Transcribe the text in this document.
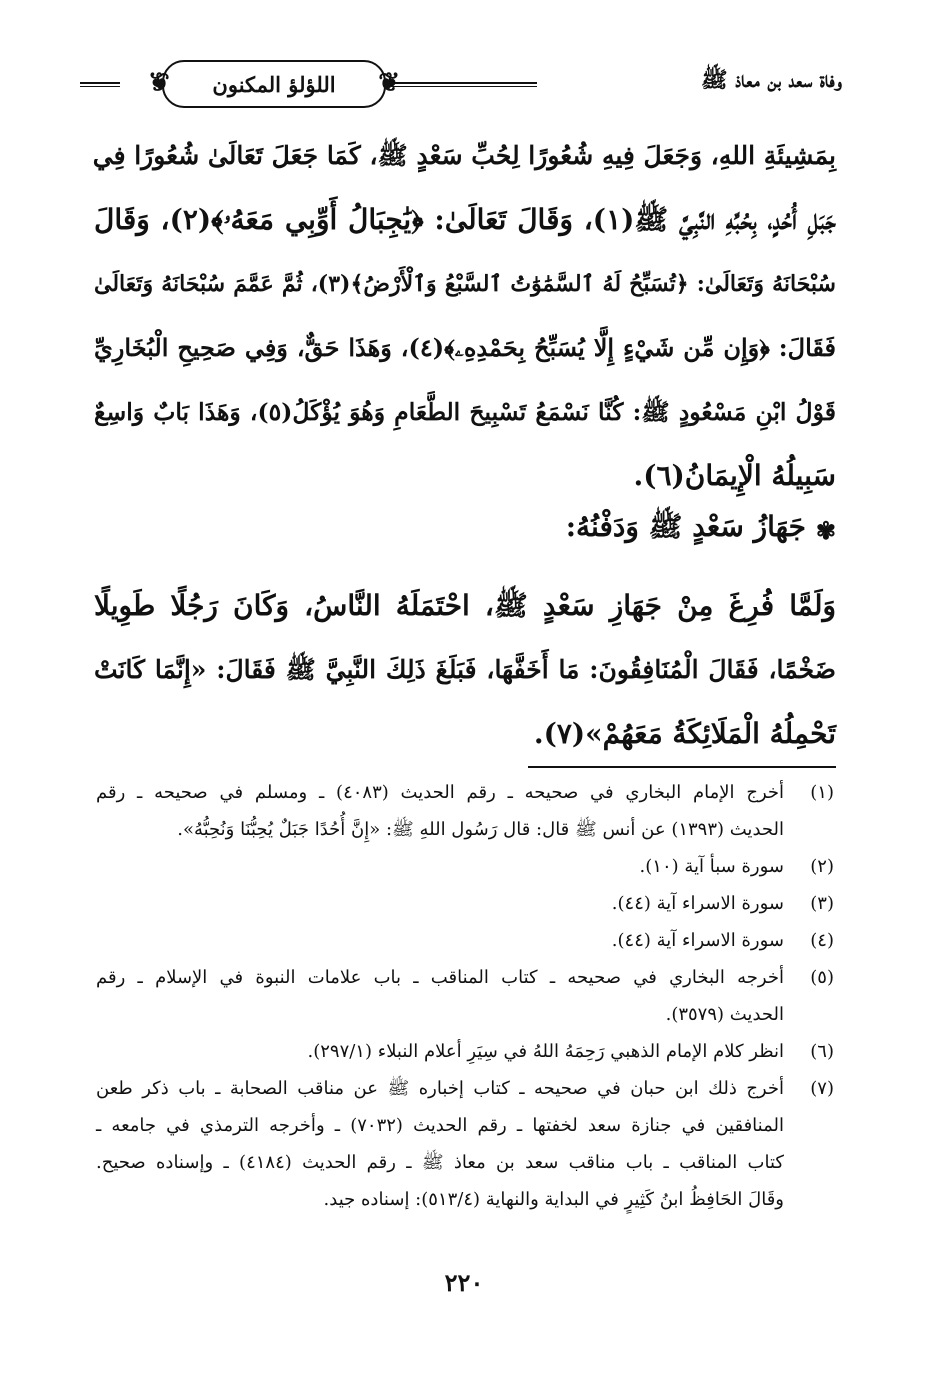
وفاة سعد بن معاذ ﷺ
❦ اللؤلؤ المكنون
❦
بِمَشِيئَةِ اللهِ، وَجَعَلَ فِيهِ شُعُورًا لِحُبِّ سَعْدٍ ﷺ، كَمَا جَعَلَ تَعَالَىٰ شُعُورًا فِي
جَبَلِ أُحُدٍ، بِحُبِّهِ النَّبِيَّ ﷺ(١)، وَقَالَ تَعَالَىٰ: ﴿يَٰجِبَالُ أَوِّبِي مَعَهُۥ﴾(٢)، وَقَالَ
سُبْحَانَهُ وَتَعَالَىٰ: ﴿تُسَبِّحُ لَهُ ٱلسَّمَٰوَٰتُ ٱلسَّبْعُ وَٱلْأَرْضُ﴾(٣)، ثُمَّ عَمَّمَ سُبْحَانَهُ وَتَعَالَىٰ
فَقَالَ: ﴿وَإِن مِّن شَيْءٍ إِلَّا يُسَبِّحُ بِحَمْدِهِۦ﴾(٤)، وَهَذَا حَقٌّ، وَفِي صَحِيحِ الْبُخَارِيِّ
قَوْلُ ابْنِ مَسْعُودٍ ﷺ: كُنَّا نَسْمَعُ تَسْبِيحَ الطَّعَامِ وَهُوَ يُؤْكَلُ(٥)، وَهَذَا بَابٌ وَاسِعٌ
سَبِيلُهُ الْإِيمَانُ(٦).
✾
جَهَازُ سَعْدٍ ﷺ وَدَفْنُهُ:
وَلَمَّا فُرِغَ مِنْ جَهَازِ سَعْدٍ ﷺ، احْتَمَلَهُ النَّاسُ، وَكَانَ رَجُلًا طَوِيلًا
ضَخْمًا، فَقَالَ الْمُنَافِقُونَ: مَا أَخَفَّهَا، فَبَلَغَ ذَلِكَ النَّبِيَّ ﷺ فَقَالَ: «إِنَّمَا كَانَتْ
تَحْمِلُهُ الْمَلَائِكَةُ مَعَهُمْ»(٧).
(١)
أخرج الإمام البخاري في صحيحه ـ رقم الحديث (٤٠٨٣) ـ ومسلم في صحيحه ـ رقم
الحديث (١٣٩٣) عن أنس ﷺ قال: قال رَسُول اللهِ ﷺ: «إِنَّ أُحُدًا جَبَلٌ يُحِبُّنَا وَنُحِبُّهُ».
(٢)
سورة سبأ آية (١٠).
(٣)
سورة الاسراء آية (٤٤).
(٤)
سورة الاسراء آية (٤٤).
(٥)
أخرجه البخاري في صحيحه ـ كتاب المناقب ـ باب علامات النبوة في الإسلام ـ رقم
الحديث (٣٥٧٩).
(٦)
انظر كلام الإمام الذهبي رَحِمَهُ اللهُ في سِيَرِ أعلام النبلاء (٢٩٧/١).
(٧)
أخرج ذلك ابن حبان في صحيحه ـ كتاب إخباره ﷺ عن مناقب الصحابة ـ باب ذكر طعن
المنافقين في جنازة سعد لخفتها ـ رقم الحديث (٧٠٣٢) ـ وأخرجه الترمذي في جامعه ـ
كتاب المناقب ـ باب مناقب سعد بن معاذ ﷺ ـ رقم الحديث (٤١٨٤) ـ وإسناده صحيح.
وقَالَ الحَافِظُ ابنُ كَثِيرٍ في البداية والنهاية (٥١٣/٤): إسناده جيد.
٢٢٠
